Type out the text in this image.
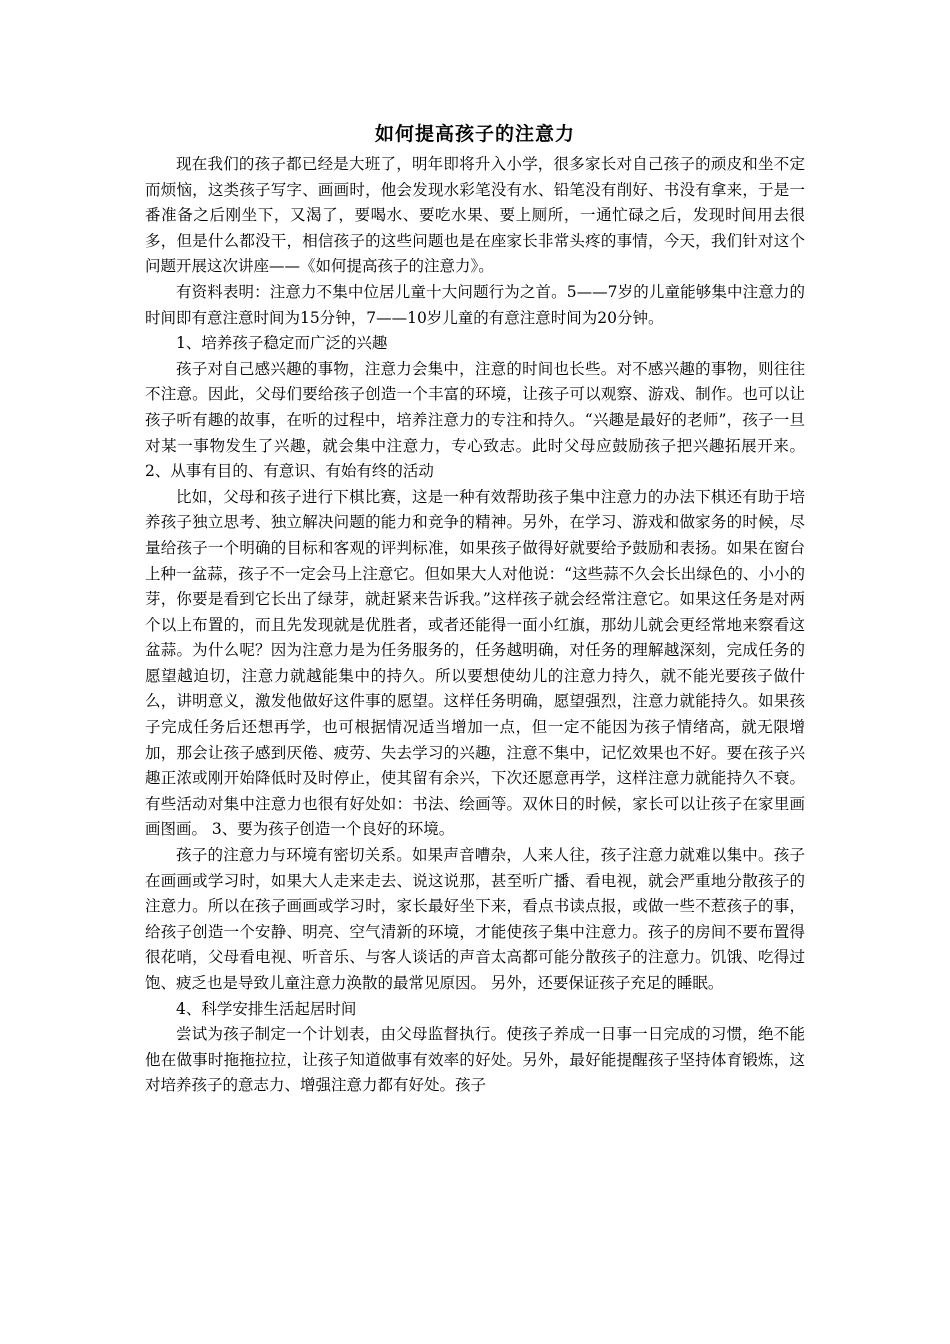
如何提高孩子的注意力

现在我们的孩子都已经是大班了，明年即将升入小学，很多家长对自己孩子的顽皮和坐不定而烦恼，这类孩子写字、画画时，他会发现水彩笔没有水、铅笔没有削好、书没有拿来，于是一番准备之后刚坐下，又渴了，要喝水、要吃水果、要上厕所，一通忙碌之后，发现时间用去很多，但是什么都没干，相信孩子的这些问题也是在座家长非常头疼的事情，今天，我们针对这个问题开展这次讲座——《如何提高孩子的注意力》。

有资料表明：注意力不集中位居儿童十大问题行为之首。5——7岁的儿童能够集中注意力的时间即有意注意时间为15分钟，7——10岁儿童的有意注意时间为20分钟。

1、培养孩子稳定而广泛的兴趣

孩子对自己感兴趣的事物，注意力会集中，注意的时间也长些。对不感兴趣的事物，则往往不注意。因此，父母们要给孩子创造一个丰富的环境，让孩子可以观察、游戏、制作。也可以让孩子听有趣的故事，在听的过程中，培养注意力的专注和持久。“兴趣是最好的老师”，孩子一旦对某一事物发生了兴趣，就会集中注意力，专心致志。此时父母应鼓励孩子把兴趣拓展开来。 2、从事有目的、有意识、有始有终的活动

比如，父母和孩子进行下棋比赛，这是一种有效帮助孩子集中注意力的办法下棋还有助于培养孩子独立思考、独立解决问题的能力和竞争的精神。另外，在学习、游戏和做家务的时候，尽量给孩子一个明确的目标和客观的评判标准，如果孩子做得好就要给予鼓励和表扬。如果在窗台上种一盆蒜，孩子不一定会马上注意它。但如果大人对他说：“这些蒜不久会长出绿色的、小小的芽，你要是看到它长出了绿芽，就赶紧来告诉我。”这样孩子就会经常注意它。如果这任务是对两个以上布置的，而且先发现就是优胜者，或者还能得一面小红旗，那幼儿就会更经常地来察看这盆蒜。为什么呢？因为注意力是为任务服务的，任务越明确，对任务的理解越深刻，完成任务的愿望越迫切，注意力就越能集中的持久。所以要想使幼儿的注意力持久，就不能光要孩子做什么，讲明意义，激发他做好这件事的愿望。这样任务明确，愿望强烈，注意力就能持久。如果孩子完成任务后还想再学，也可根据情况适当增加一点，但一定不能因为孩子情绪高，就无限增加，那会让孩子感到厌倦、疲劳、失去学习的兴趣，注意不集中，记忆效果也不好。要在孩子兴趣正浓或刚开始降低时及时停止，使其留有余兴，下次还愿意再学，这样注意力就能持久不衰。有些活动对集中注意力也很有好处如：书法、绘画等。双休日的时候，家长可以让孩子在家里画画图画。 3、要为孩子创造一个良好的环境。

孩子的注意力与环境有密切关系。如果声音嘈杂，人来人往，孩子注意力就难以集中。孩子在画画或学习时，如果大人走来走去、说这说那，甚至听广播、看电视，就会严重地分散孩子的注意力。所以在孩子画画或学习时，家长最好坐下来，看点书读点报，或做一些不惹孩子的事，给孩子创造一个安静、明亮、空气清新的环境，才能使孩子集中注意力。孩子的房间不要布置得很花哨，父母看电视、听音乐、与客人谈话的声音太高都可能分散孩子的注意力。饥饿、吃得过饱、疲乏也是导致儿童注意力涣散的最常见原因。 另外，还要保证孩子充足的睡眠。

4、科学安排生活起居时间

尝试为孩子制定一个计划表，由父母监督执行。使孩子养成一日事一日完成的习惯，绝不能他在做事时拖拖拉拉，让孩子知道做事有效率的好处。另外，最好能提醒孩子坚持体育锻炼，这对培养孩子的意志力、增强注意力都有好处。孩子
